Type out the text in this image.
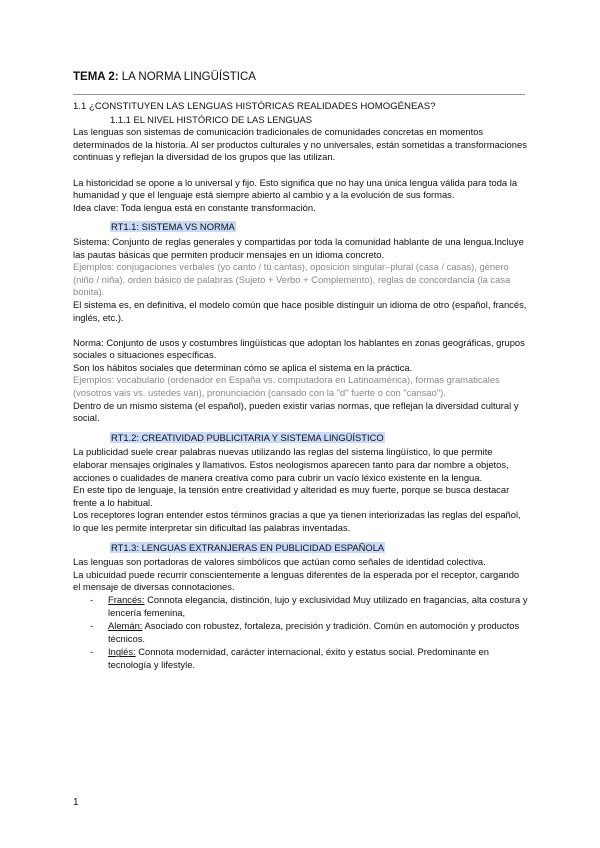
TEMA 2: LA NORMA LINGÜÍSTICA

1.1 ¿CONSTITUYEN LAS LENGUAS HISTÓRICAS REALIDADES HOMOGÉNEAS?

1.1.1 EL NIVEL HISTÓRICO DE LAS LENGUAS

Las lenguas son sistemas de comunicación tradicionales de comunidades concretas en momentos determinados de la historia. Al ser productos culturales y no universales, están sometidas a transformaciones continuas y reflejan la diversidad de los grupos que las utilizan.

La historicidad se opone a lo universal y fijo. Esto significa que no hay una única lengua válida para toda la humanidad y que el lenguaje está siempre abierto al cambio y a la evolución de sus formas.

Idea clave: Toda lengua está en constante transformación.

RT1.1: SISTEMA VS NORMA

Sistema: Conjunto de reglas generales y compartidas por toda la comunidad hablante de una lengua.Incluye las pautas básicas que permiten producir mensajes en un idioma concreto.

Ejemplos: conjugaciones verbales (yo canto / tú cantas), oposición singular–plural (casa / casas), género (niño / niña), orden básico de palabras (Sujeto + Verbo + Complemento), reglas de concordancia (la casa bonita).

El sistema es, en definitiva, el modelo común que hace posible distinguir un idioma de otro (español, francés, inglés, etc.).

Norma: Conjunto de usos y costumbres lingüísticas que adoptan los hablantes en zonas geográficas, grupos sociales o situaciones específicas.

Son los hábitos sociales que determinan cómo se aplica el sistema en la práctica.

Ejemplos: vocabulario (ordenador en España vs. computadora en Latinoamérica), formas gramaticales (vosotros vais vs. ustedes van), pronunciación (cansado con la "d" fuerte o con "cansao").

Dentro de un mismo sistema (el español), pueden existir varias normas, que reflejan la diversidad cultural y social.

RT1.2: CREATIVIDAD PUBLICITARIA Y SISTEMA LINGÜÍSTICO

La publicidad suele crear palabras nuevas utilizando las reglas del sistema lingüístico, lo que permite elaborar mensajes originales y llamativos. Estos neologismos aparecen tanto para dar nombre a objetos, acciones o cualidades de manera creativa como para cubrir un vacío léxico existente en la lengua.

En este tipo de lenguaje, la tensión entre creatividad y alteridad es muy fuerte, porque se busca destacar frente a lo habitual.

Los receptores logran entender estos términos gracias a que ya tienen interiorizadas las reglas del español, lo que les permite interpretar sin dificultad las palabras inventadas.

RT1.3: LENGUAS EXTRANJERAS EN PUBLICIDAD ESPAÑOLA

Las lenguas son portadoras de valores simbólicos que actúan como señales de identidad colectiva.

La ubicuidad puede recurrir conscientemente a lenguas diferentes de la esperada por el receptor, cargando el mensaje de diversas connotaciones.

- Francés: Connota elegancia, distinción, lujo y exclusividad Muy utilizado en fragancias, alta costura y lencería femenina,
- Alemán: Asociado con robustez, fortaleza, precisión y tradición. Común en automoción y productos técnicos.
- Inglés: Connota modernidad, carácter internacional, éxito y estatus social. Predominante en tecnología y lifestyle.
1
